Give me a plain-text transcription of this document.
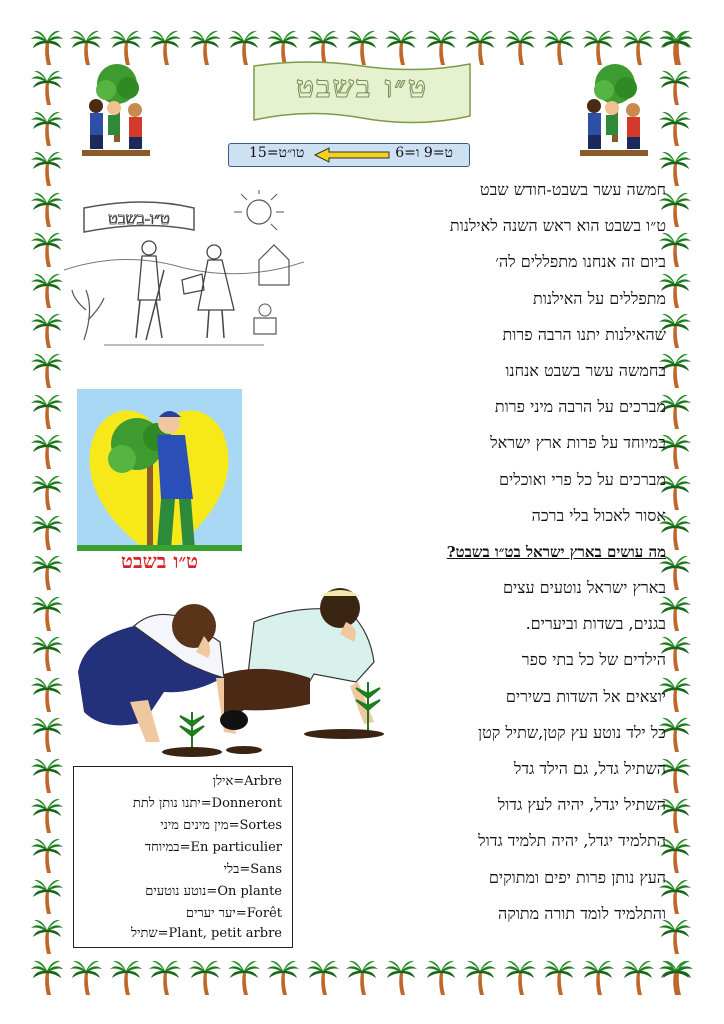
ט״ו בשבט
טו״ט=15	ט=9 ו=6
ט״ו-בשבט
ט״ו בשבט
חמשה עשר בשבט-חודש שבט
ט״ו בשבט הוא ראש השנה לאילנות
ביום זה אנחנו מתפללים לה׳
מתפללים על האילנות
שהאילנות יתנו הרבה פרות
בחמשה עשר בשבט אנחנו
מברכים על הרבה מיני פרות
במיוחד על פרות ארץ ישראל
מברכים על כל פרי ואוכלים
אסור לאכול בלי ברכה
מה עושים בארץ ישראל בט״ו בשבט?
בארץ ישראל נוטעים עצים
בגנים, בשדות וביערים.
הילדים של כל בתי ספר
יוצאים אל השדות בשירים
כל ילד נוטע עץ קטן,שתיל קטן
השתיל גדל, גם הילד גדל
השתיל יגדל, יהיה לעץ גדול
התלמיד יגדל, יהיה תלמיד גדול
העץ נותן פרות יפים ומתוקים
והתלמיד לומד תורה מתוקה
אילן=Arbre
יתנו נותן לתת=Donneront
מין מינים מיני=Sortes
במיוחד=En particulier
בלי=Sans
נוטע נוטעים=On plante
יער יערים=Forêt
שתיל=Plant, petit arbre
